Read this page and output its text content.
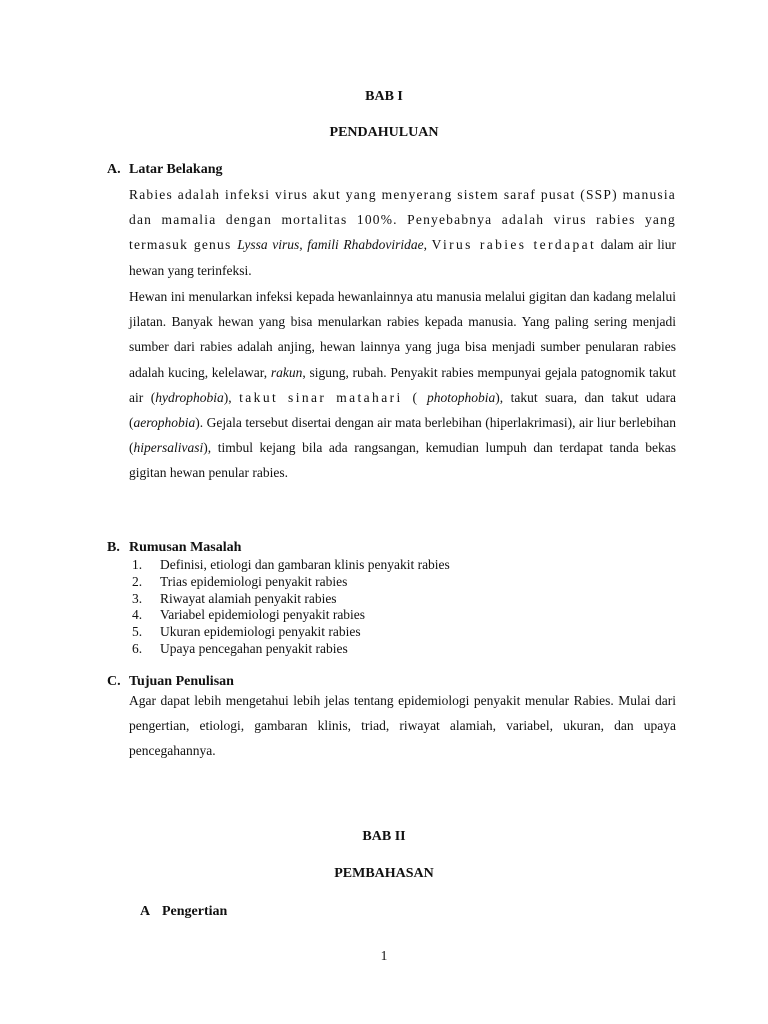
BAB I
PENDAHULUAN
A. Latar Belakang
Rabies adalah infeksi virus akut yang menyerang sistem saraf pusat (SSP) manusia dan mamalia dengan mortalitas 100%. Penyebabnya adalah virus rabies yang termasuk genus Lyssa virus, famili Rhabdoviridae, Virus rabies terdapat dalam air liur hewan yang terinfeksi.
Hewan ini menularkan infeksi kepada hewanlainnya atu manusia melalui gigitan dan kadang melalui jilatan. Banyak hewan yang bisa menularkan rabies kepada manusia. Yang paling sering menjadi sumber dari rabies adalah anjing, hewan lainnya yang juga bisa menjadi sumber penularan rabies adalah kucing, kelelawar, rakun, sigung, rubah. Penyakit rabies mempunyai gejala patognomik takut air (hydrophobia), takut sinar matahari ( photophobia), takut suara, dan takut udara (aerophobia). Gejala tersebut disertai dengan air mata berlebihan (hiperlakrimasi), air liur berlebihan (hipersalivasi), timbul kejang bila ada rangsangan, kemudian lumpuh dan terdapat tanda bekas gigitan hewan penular rabies.
B. Rumusan Masalah
1. Definisi, etiologi dan gambaran klinis penyakit rabies
2. Trias epidemiologi penyakit rabies
3. Riwayat alamiah penyakit rabies
4. Variabel epidemiologi penyakit rabies
5. Ukuran epidemiologi penyakit rabies
6. Upaya pencegahan penyakit rabies
C. Tujuan Penulisan
Agar dapat lebih mengetahui lebih jelas tentang epidemiologi penyakit menular Rabies. Mulai dari pengertian, etiologi, gambaran klinis, triad, riwayat alamiah, variabel, ukuran, dan upaya pencegahannya.
BAB II
PEMBAHASAN
A Pengertian
1
